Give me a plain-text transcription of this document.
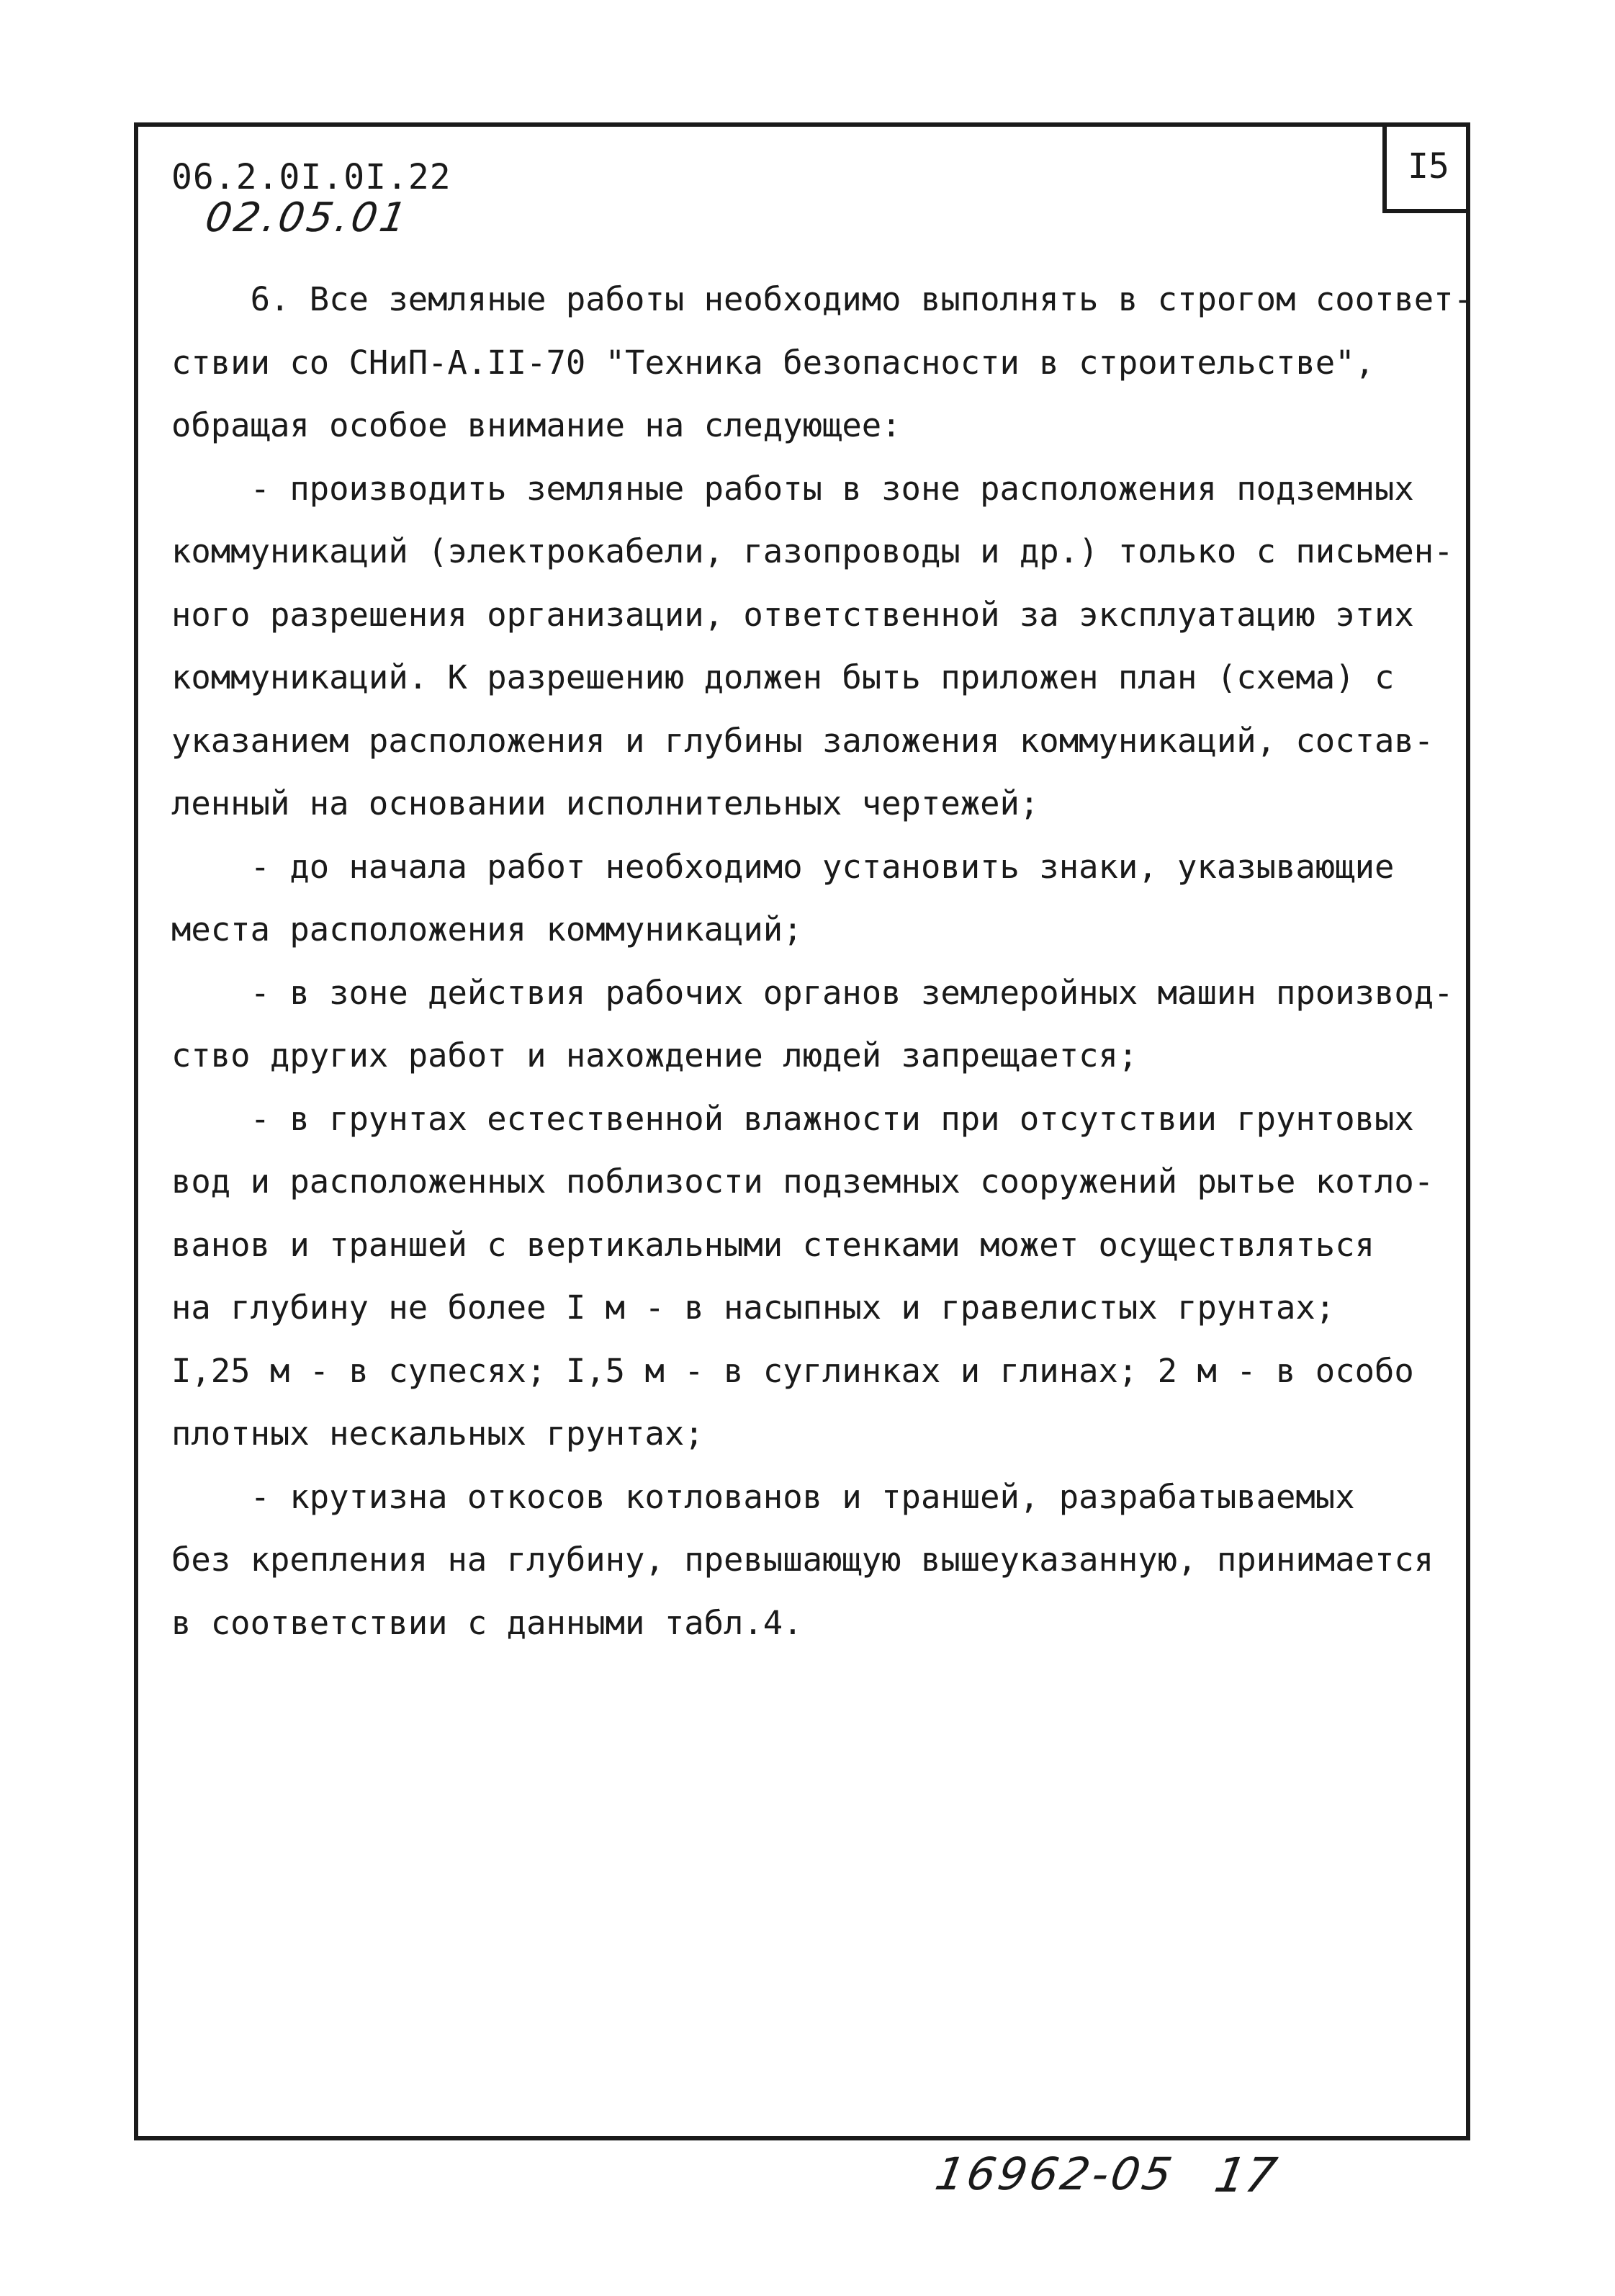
I5
06.2.0I.0I.22
02.05.01
6. Все земляные работы необходимо выполнять в строгом соответ-
ствии со СНиП-А.II-70 "Техника безопасности в строительстве",
обращая особое внимание на следующее:
- производить земляные работы в зоне расположения подземных
коммуникаций (электрокабели, газопроводы и др.) только с письмен-
ного разрешения организации, ответственной за эксплуатацию этих
коммуникаций. К разрешению должен быть приложен план (схема) с
указанием расположения и глубины заложения коммуникаций, состав-
ленный на основании исполнительных чертежей;
- до начала работ необходимо установить знаки, указывающие
места расположения коммуникаций;
- в зоне действия рабочих органов землеройных машин производ-
ство других работ и нахождение людей запрещается;
- в грунтах естественной влажности при отсутствии грунтовых
вод и расположенных поблизости подземных сооружений рытье котло-
ванов и траншей с вертикальными стенками может осуществляться
на глубину не более I м - в насыпных и гравелистых грунтах;
I,25 м - в супесях; I,5 м - в суглинках и глинах; 2 м - в особо
плотных нескальных грунтах;
- крутизна откосов котлованов и траншей, разрабатываемых
без крепления на глубину, превышающую вышеуказанную, принимается
в соответствии с данными табл.4.
16962-05 17
